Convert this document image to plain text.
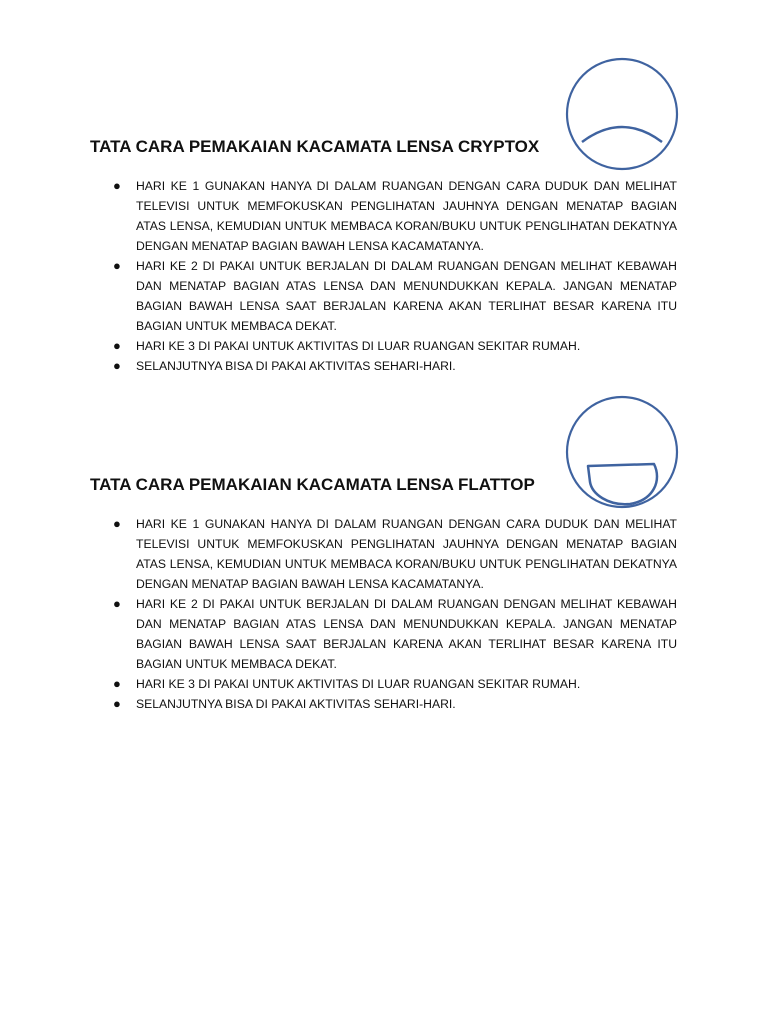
TATA CARA PEMAKAIAN KACAMATA LENSA CRYPTOX
● HARI KE 1 GUNAKAN HANYA DI DALAM RUANGAN DENGAN CARA DUDUK DAN MELIHAT TELEVISI UNTUK MEMFOKUSKAN PENGLIHATAN JAUHNYA DENGAN MENATAP BAGIAN ATAS LENSA, KEMUDIAN UNTUK MEMBACA KORAN/BUKU UNTUK PENGLIHATAN DEKATNYA DENGAN MENATAP BAGIAN BAWAH LENSA KACAMATANYA.
● HARI KE 2 DI PAKAI UNTUK BERJALAN DI DALAM RUANGAN DENGAN MELIHAT KEBAWAH DAN MENATAP BAGIAN ATAS LENSA DAN MENUNDUKKAN KEPALA. JANGAN MENATAP BAGIAN BAWAH LENSA SAAT BERJALAN KARENA AKAN TERLIHAT BESAR KARENA ITU BAGIAN UNTUK MEMBACA DEKAT.
● HARI KE 3 DI PAKAI UNTUK AKTIVITAS DI LUAR RUANGAN SEKITAR RUMAH.
● SELANJUTNYA BISA DI PAKAI AKTIVITAS SEHARI-HARI.
TATA CARA PEMAKAIAN KACAMATA LENSA FLATTOP
● HARI KE 1 GUNAKAN HANYA DI DALAM RUANGAN DENGAN CARA DUDUK DAN MELIHAT TELEVISI UNTUK MEMFOKUSKAN PENGLIHATAN JAUHNYA DENGAN MENATAP BAGIAN ATAS LENSA, KEMUDIAN UNTUK MEMBACA KORAN/BUKU UNTUK PENGLIHATAN DEKATNYA DENGAN MENATAP BAGIAN BAWAH LENSA KACAMATANYA.
● HARI KE 2 DI PAKAI UNTUK BERJALAN DI DALAM RUANGAN DENGAN MELIHAT KEBAWAH DAN MENATAP BAGIAN ATAS LENSA DAN MENUNDUKKAN KEPALA. JANGAN MENATAP BAGIAN BAWAH LENSA SAAT BERJALAN KARENA AKAN TERLIHAT BESAR KARENA ITU BAGIAN UNTUK MEMBACA DEKAT.
● HARI KE 3 DI PAKAI UNTUK AKTIVITAS DI LUAR RUANGAN SEKITAR RUMAH.
● SELANJUTNYA BISA DI PAKAI AKTIVITAS SEHARI-HARI.
